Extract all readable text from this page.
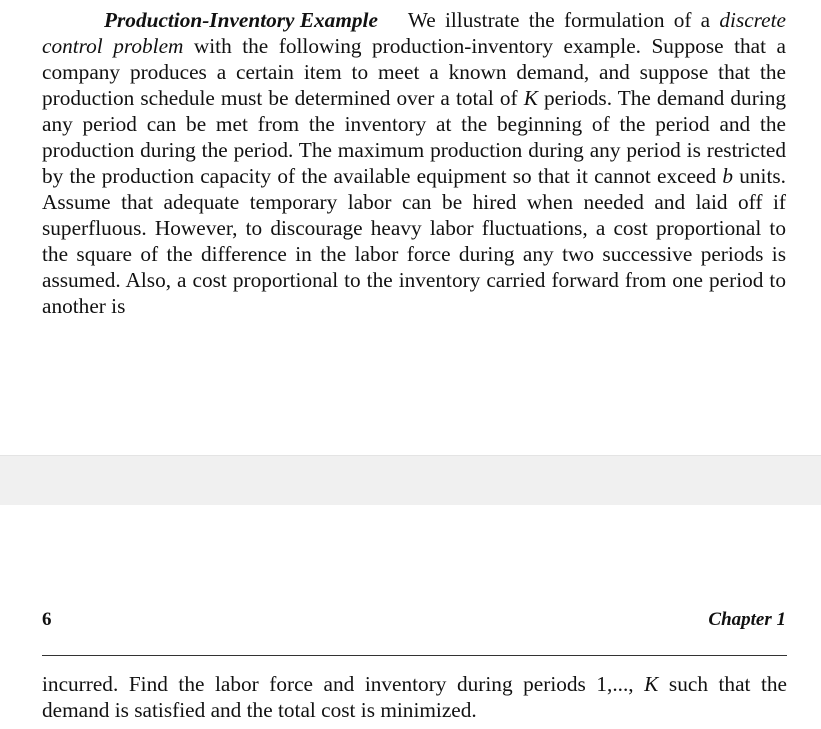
Production-Inventory Example We illustrate the formulation of a discrete control problem with the following production-inventory example. Suppose that a company produces a certain item to meet a known demand, and suppose that the production schedule must be determined over a total of K periods. The demand during any period can be met from the inventory at the beginning of the period and the production during the period. The maximum production during any period is restricted by the production capacity of the available equipment so that it cannot exceed b units. Assume that adequate temporary labor can be hired when needed and laid off if superfluous. However, to discourage heavy labor fluctuations, a cost proportional to the square of the difference in the labor force during any two successive periods is assumed. Also, a cost proportional to the inventory carried forward from one period to another is

6	Chapter 1

incurred. Find the labor force and inventory during periods 1,..., K such that the
demand is satisfied and the total cost is minimized.
